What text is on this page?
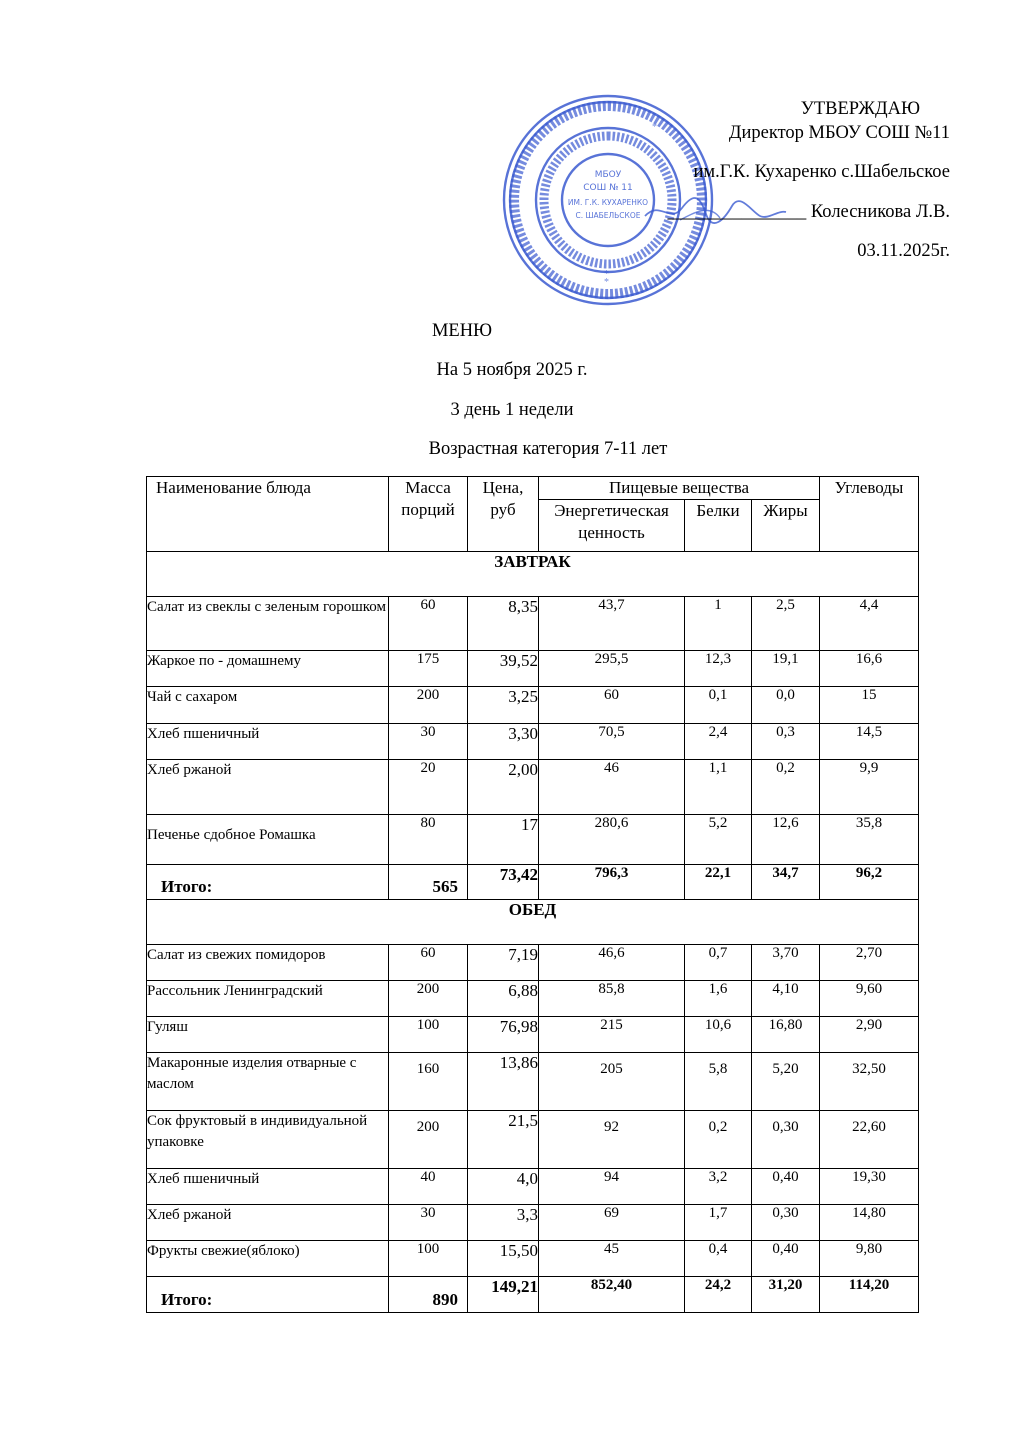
*
*
*
МБОУ
СОШ № 11
ИМ. Г.К. КУХАРЕНКО
С. ШАБЕЛЬСКОЕ
УТВЕРЖДАЮ
Директор МБОУ СОШ №11
им.Г.К. Кухаренко с.Шабельское
_______________ Колесникова Л.В.
03.11.2025г.
МЕНЮ
На 5 ноября 2025 г.
3 день 1 недели
Возрастная категория 7-11 лет
Наименование блюда	Масса порций	Цена, руб	Пищевые вещества			Углеводы
			Энергетическая ценность	Белки	Жиры	
ЗАВТРАК						
Салат из свеклы с зеленым горошком	60	8,35	43,7	1	2,5	4,4
Жаркое по - домашнему	175	39,52	295,5	12,3	19,1	16,6
Чай с сахаром	200	3,25	60	0,1	0,0	15
Хлеб пшеничный	30	3,30	70,5	2,4	0,3	14,5
Хлеб ржаной	20	2,00	46	1,1	0,2	9,9
Печенье сдобное Ромашка	80	17	280,6	5,2	12,6	35,8
Итого:	565	73,42	796,3	22,1	34,7	96,2
ОБЕД						
Салат из свежих помидоров	60	7,19	46,6	0,7	3,70	2,70
Рассольник Ленинградский	200	6,88	85,8	1,6	4,10	9,60
Гуляш	100	76,98	215	10,6	16,80	2,90
Макаронные изделия отварные с маслом	160	13,86	205	5,8	5,20	32,50
Сок фруктовый в индивидуальной упаковке	200	21,5	92	0,2	0,30	22,60
Хлеб пшеничный	40	4,0	94	3,2	0,40	19,30
Хлеб ржаной	30	3,3	69	1,7	0,30	14,80
Фрукты свежие(яблоко)	100	15,50	45	0,4	0,40	9,80
Итого:	890	149,21	852,40	24,2	31,20	114,20
